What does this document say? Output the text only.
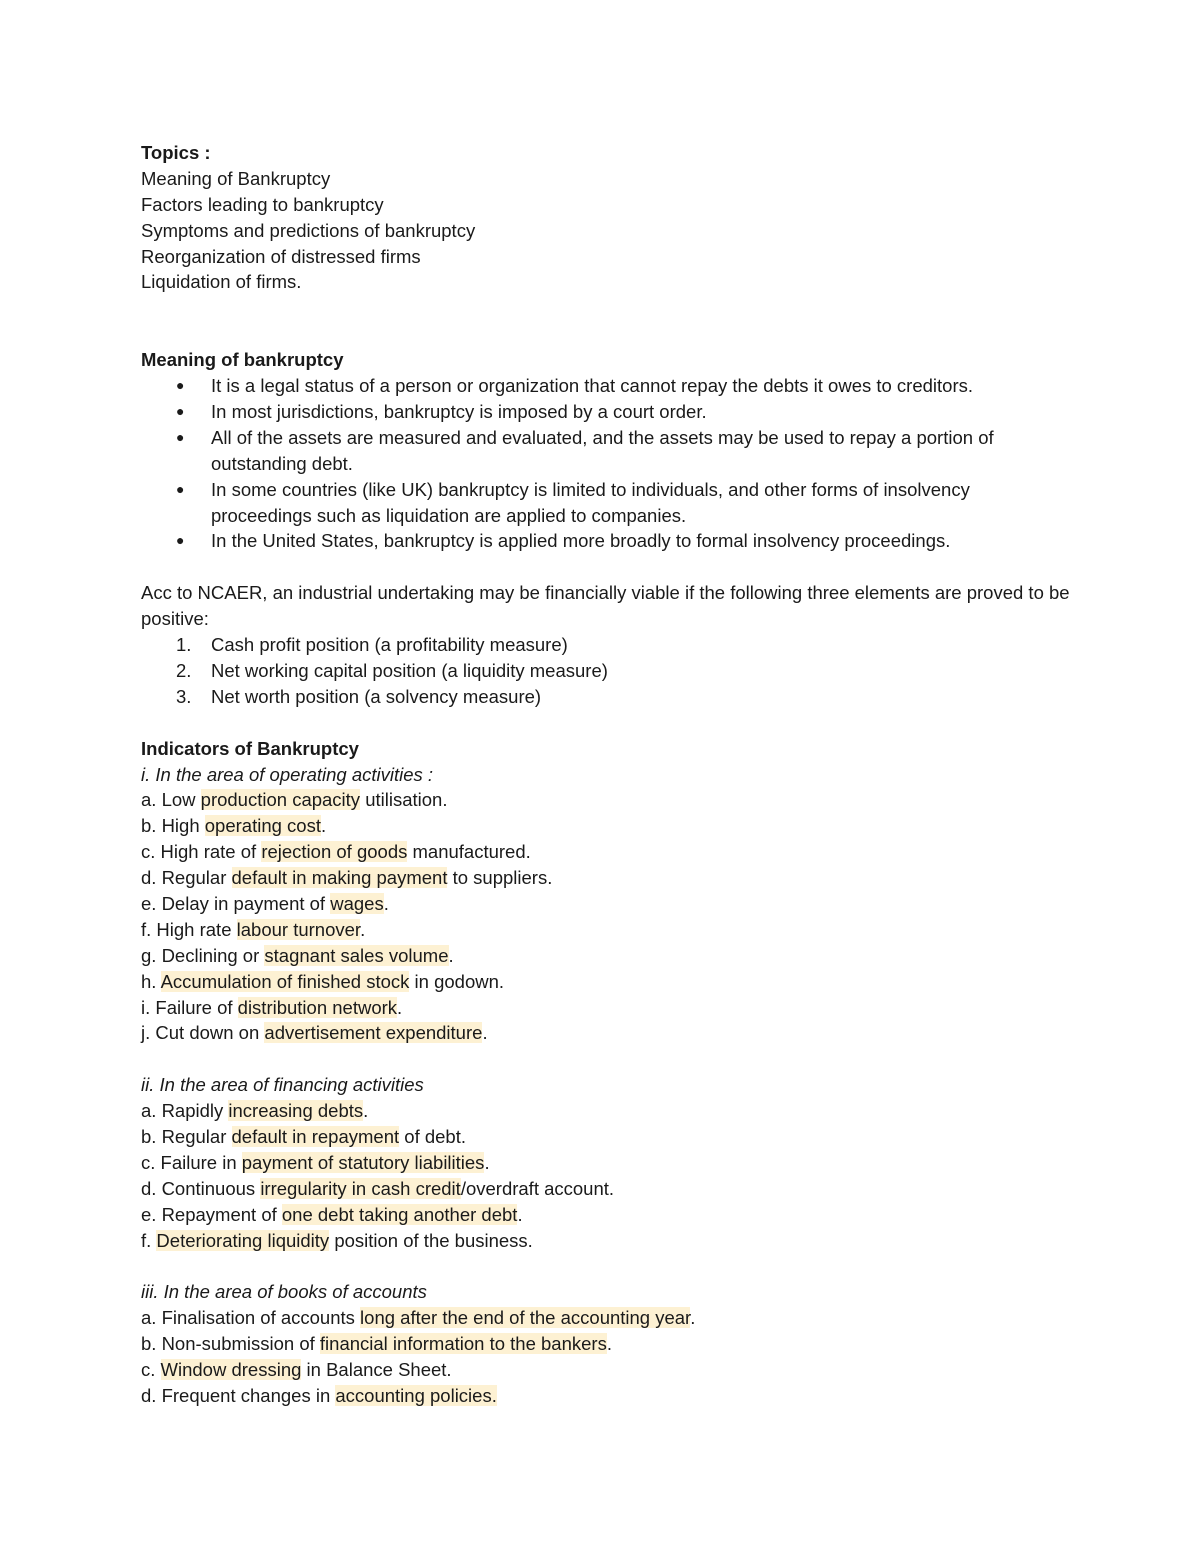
Topics :
Meaning of Bankruptcy
Factors leading to bankruptcy
Symptoms and predictions of bankruptcy
Reorganization of distressed firms
Liquidation of firms.
Meaning of bankruptcy
● It is a legal status of a person or organization that cannot repay the debts it owes to creditors.
● In most jurisdictions, bankruptcy is imposed by a court order.
● All of the assets are measured and evaluated, and the assets may be used to repay a portion of outstanding debt.
● In some countries (like UK) bankruptcy is limited to individuals, and other forms of insolvency proceedings such as liquidation are applied to companies.
● In the United States, bankruptcy is applied more broadly to formal insolvency proceedings.
Acc to NCAER, an industrial undertaking may be financially viable if the following three elements are proved to be positive:
1. Cash profit position (a profitability measure)
2. Net working capital position (a liquidity measure)
3. Net worth position (a solvency measure)
Indicators of Bankruptcy
i. In the area of operating activities :
a. Low production capacity utilisation.
b. High operating cost.
c. High rate of rejection of goods manufactured.
d. Regular default in making payment to suppliers.
e. Delay in payment of wages.
f. High rate labour turnover.
g. Declining or stagnant sales volume.
h. Accumulation of finished stock in godown.
i. Failure of distribution network.
j. Cut down on advertisement expenditure.
ii. In the area of financing activities
a. Rapidly increasing debts.
b. Regular default in repayment of debt.
c. Failure in payment of statutory liabilities.
d. Continuous irregularity in cash credit/overdraft account.
e. Repayment of one debt taking another debt.
f. Deteriorating liquidity position of the business.
iii. In the area of books of accounts
a. Finalisation of accounts long after the end of the accounting year.
b. Non-submission of financial information to the bankers.
c. Window dressing in Balance Sheet.
d. Frequent changes in accounting policies.
